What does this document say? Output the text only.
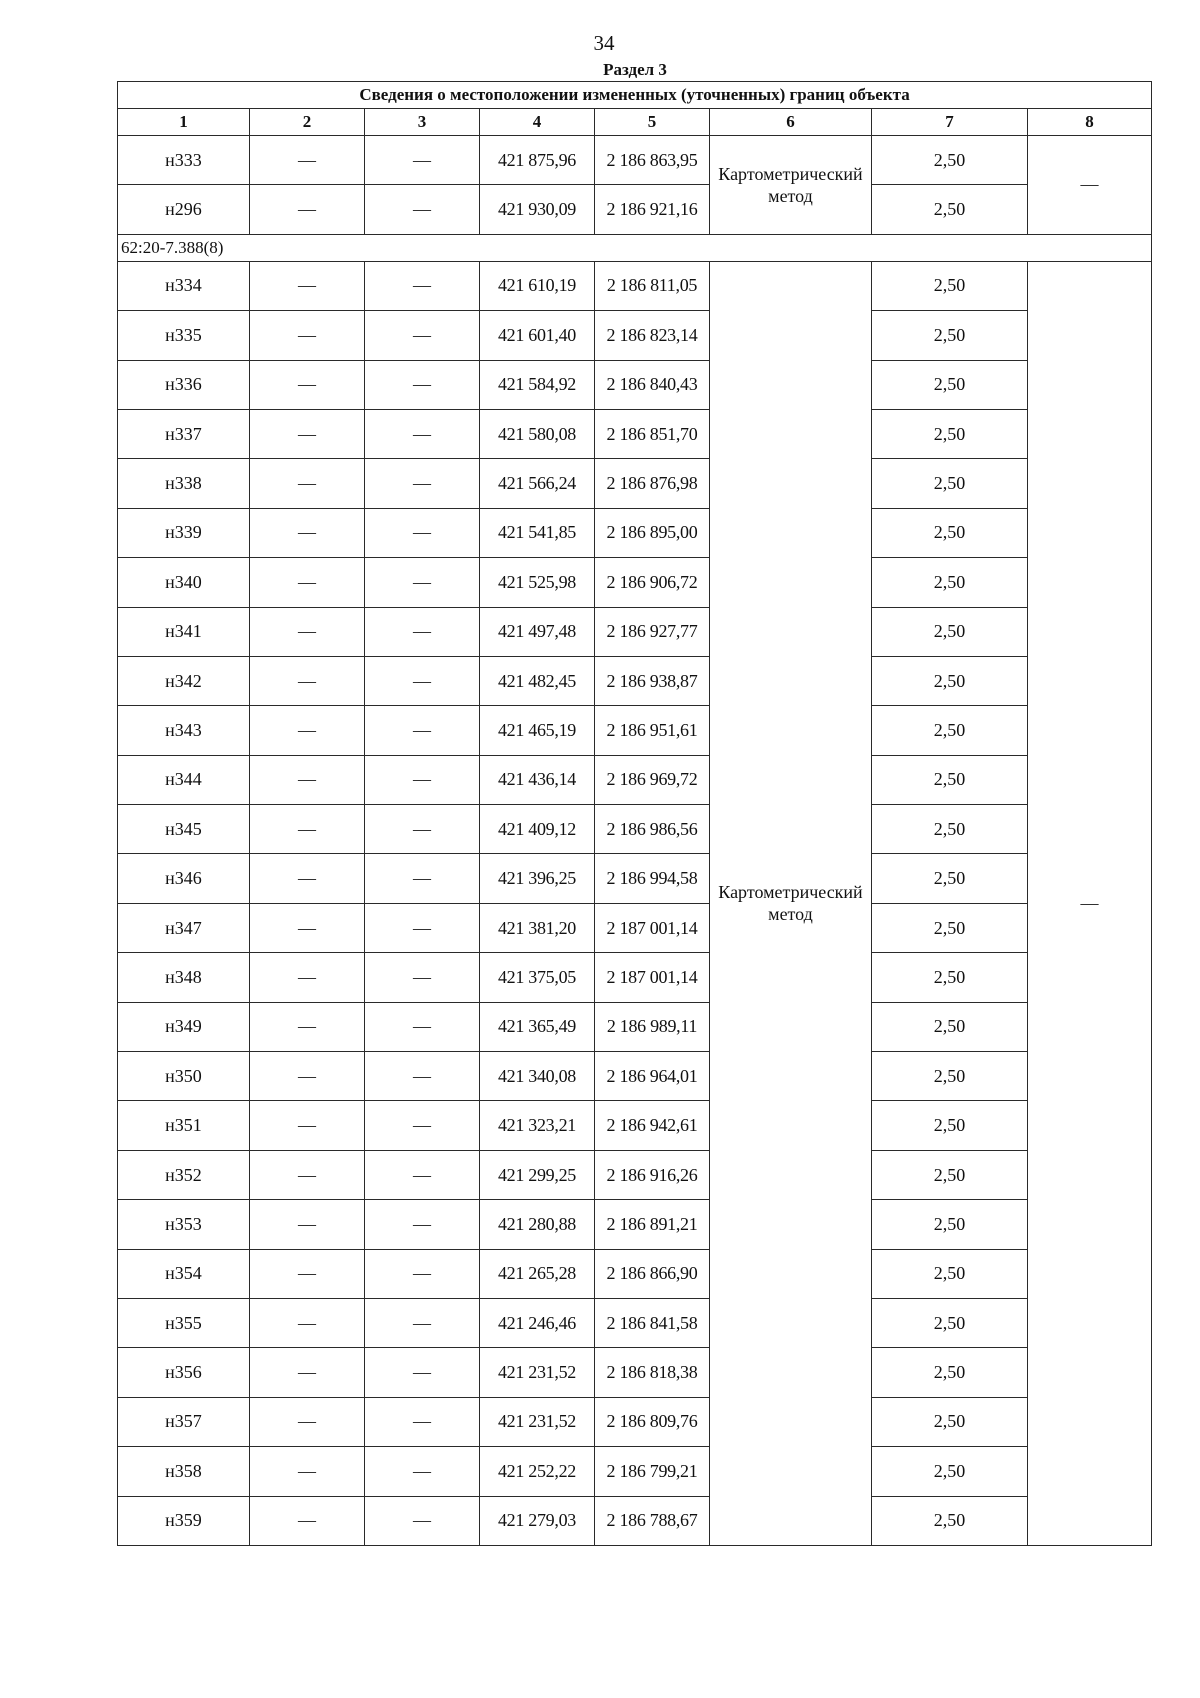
34
Раздел 3
Сведения о местоположении измененных (уточненных) границ объекта							
1	2	3	4	5	6	7	8
н333	—	—	421 875,96	2 186 863,95	Картометрический метод	2,50	—
н296	—	—	421 930,09	2 186 921,16		2,50	
62:20-7.388(8)							
н334	—	—	421 610,19	2 186 811,05	Картометрический метод	2,50	—
н335	—	—	421 601,40	2 186 823,14		2,50	
н336	—	—	421 584,92	2 186 840,43		2,50	
н337	—	—	421 580,08	2 186 851,70		2,50	
н338	—	—	421 566,24	2 186 876,98		2,50	
н339	—	—	421 541,85	2 186 895,00		2,50	
н340	—	—	421 525,98	2 186 906,72		2,50	
н341	—	—	421 497,48	2 186 927,77		2,50	
н342	—	—	421 482,45	2 186 938,87		2,50	
н343	—	—	421 465,19	2 186 951,61		2,50	
н344	—	—	421 436,14	2 186 969,72		2,50	
н345	—	—	421 409,12	2 186 986,56		2,50	
н346	—	—	421 396,25	2 186 994,58		2,50	
н347	—	—	421 381,20	2 187 001,14		2,50	
н348	—	—	421 375,05	2 187 001,14		2,50	
н349	—	—	421 365,49	2 186 989,11		2,50	
н350	—	—	421 340,08	2 186 964,01		2,50	
н351	—	—	421 323,21	2 186 942,61		2,50	
н352	—	—	421 299,25	2 186 916,26		2,50	
н353	—	—	421 280,88	2 186 891,21		2,50	
н354	—	—	421 265,28	2 186 866,90		2,50	
н355	—	—	421 246,46	2 186 841,58		2,50	
н356	—	—	421 231,52	2 186 818,38		2,50	
н357	—	—	421 231,52	2 186 809,76		2,50	
н358	—	—	421 252,22	2 186 799,21		2,50	
н359	—	—	421 279,03	2 186 788,67		2,50	
